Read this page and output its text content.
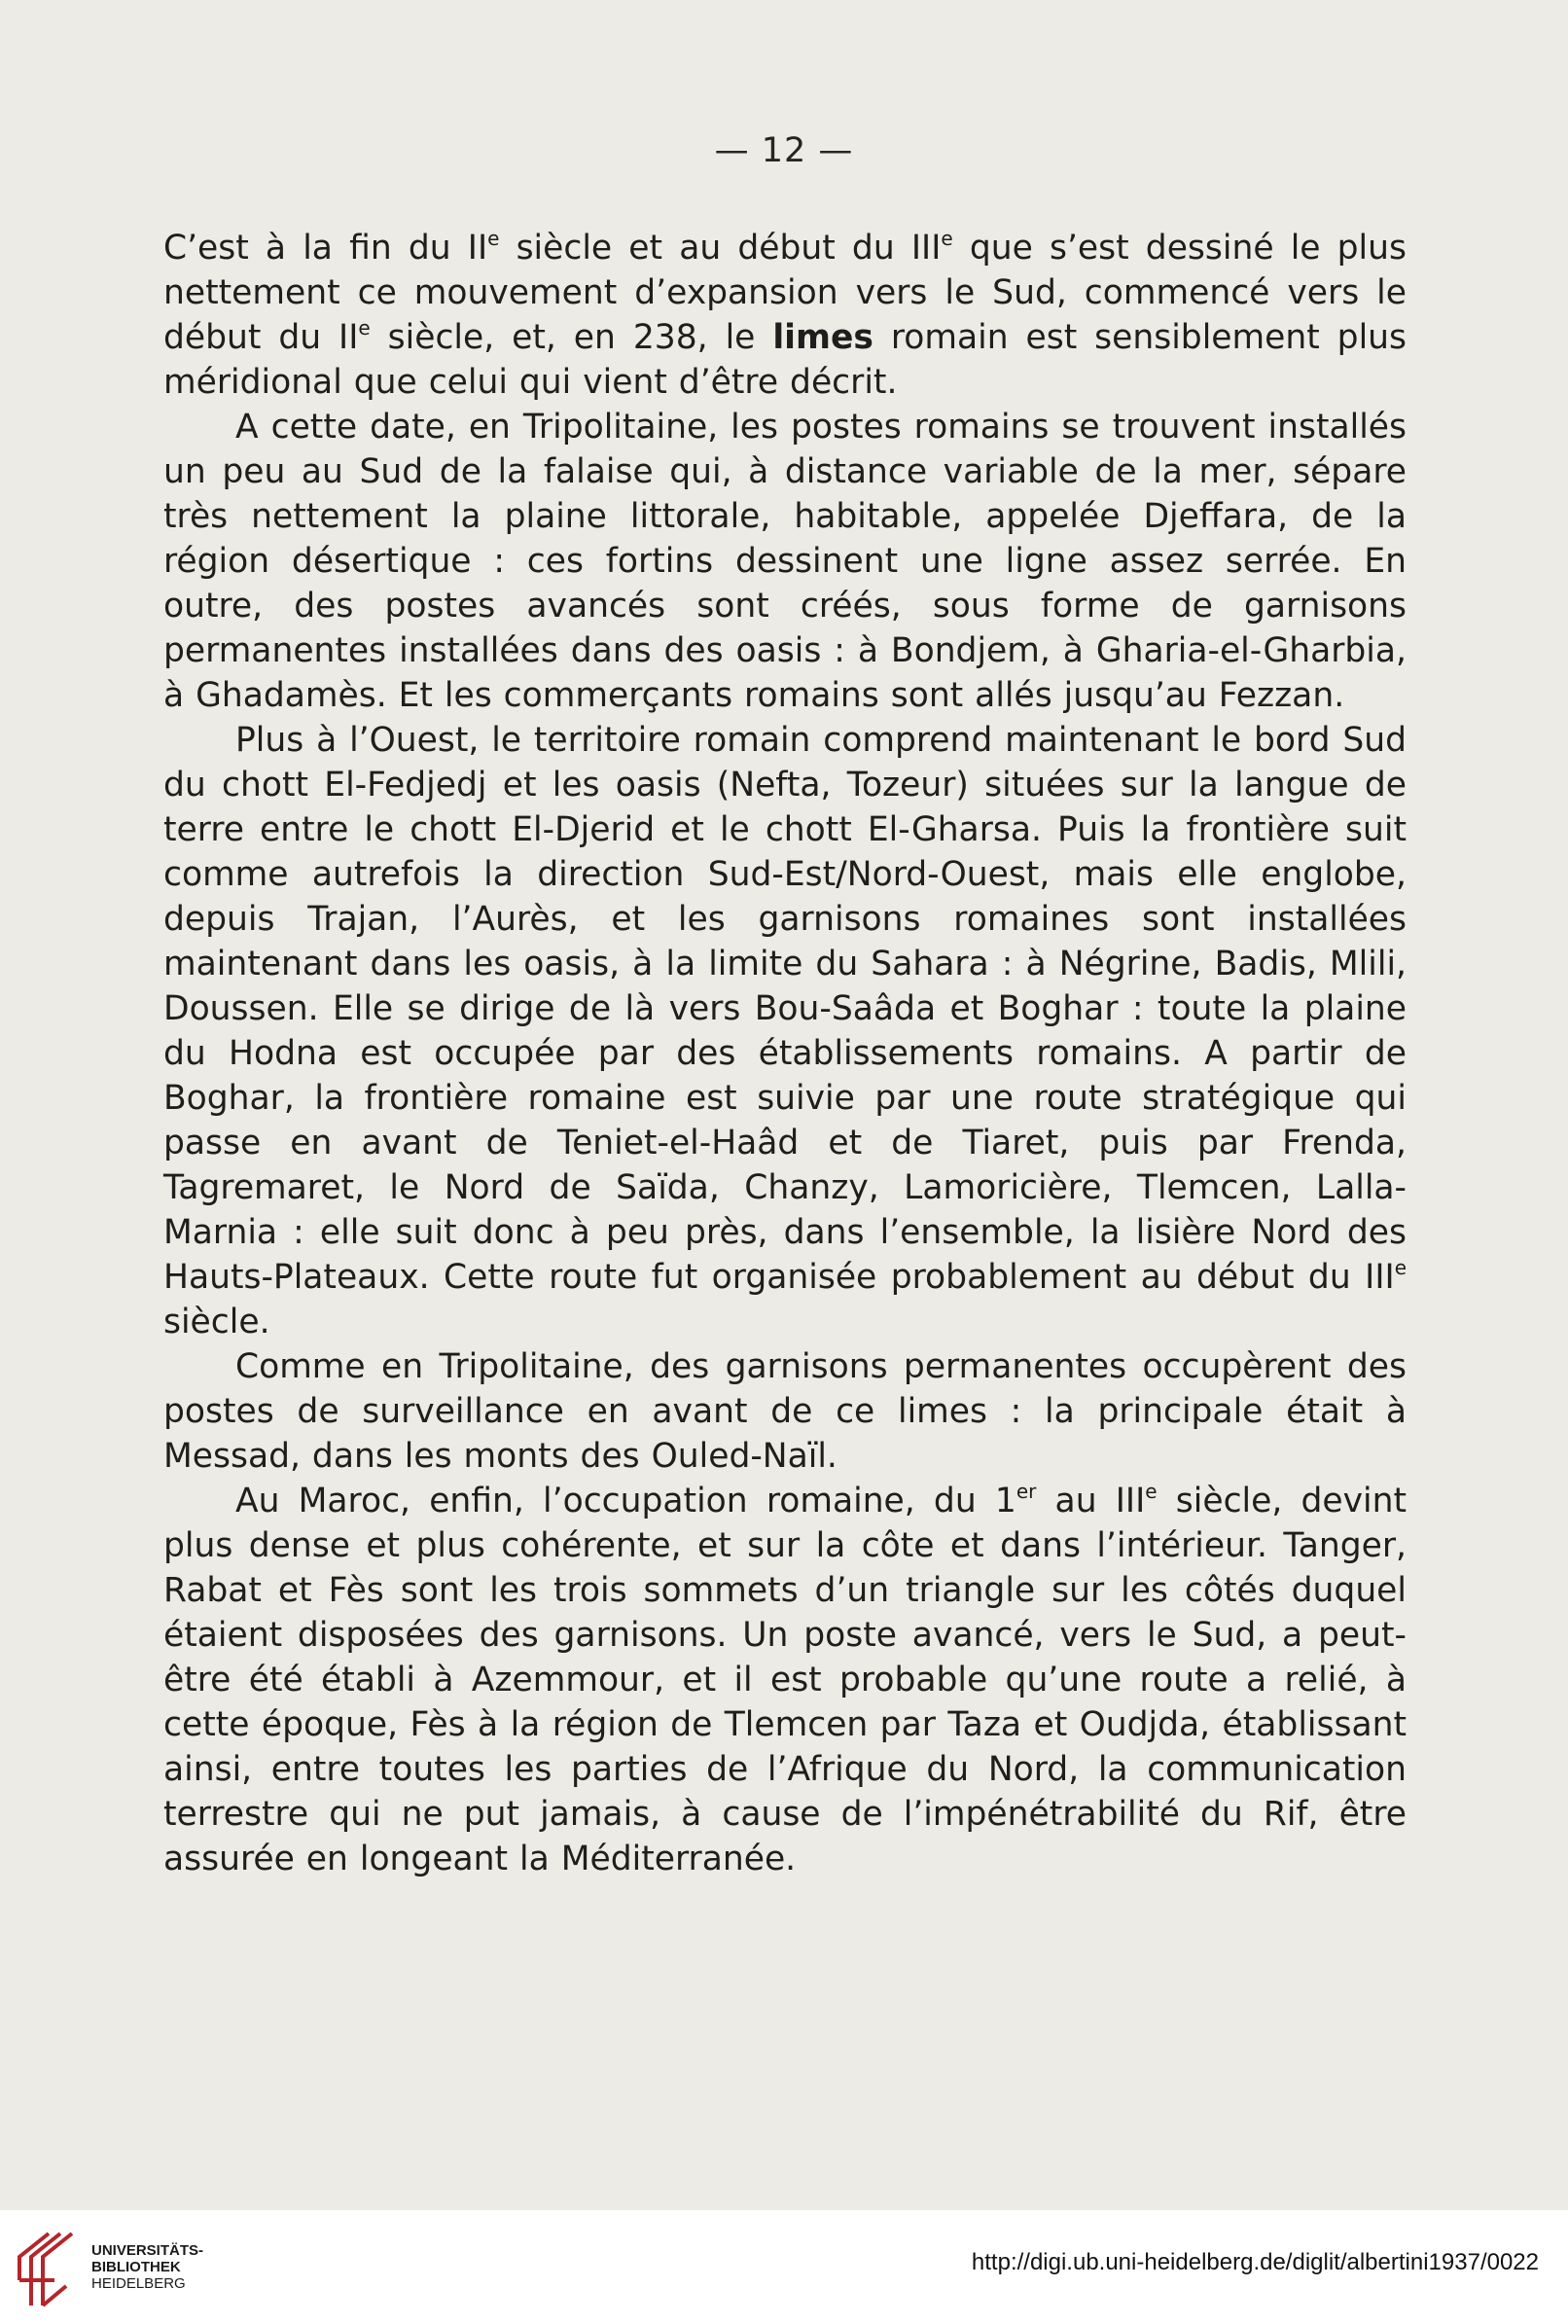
— 12 —

C’est à la fin du IIe siècle et au début du IIIe que s’est dessiné le plus nettement ce mouvement d’expansion vers le Sud, commencé vers le début du IIe siècle, et, en 238, le limes romain est sensiblement plus méridional que celui qui vient d’être décrit.

A cette date, en Tripolitaine, les postes romains se trouvent installés un peu au Sud de la falaise qui, à distance variable de la mer, sépare très nettement la plaine littorale, habitable, appelée Djeffara, de la région désertique : ces fortins dessinent une ligne assez serrée. En outre, des postes avancés sont créés, sous forme de garnisons permanentes installées dans des oasis : à Bondjem, à Gharia-el-Gharbia, à Ghadamès. Et les commerçants romains sont allés jusqu’au Fezzan.

Plus à l’Ouest, le territoire romain comprend maintenant le bord Sud du chott El-Fedjedj et les oasis (Nefta, Tozeur) situées sur la langue de terre entre le chott El-Djerid et le chott El-Gharsa. Puis la frontière suit comme autrefois la direction Sud-Est/Nord-Ouest, mais elle englobe, depuis Trajan, l’Aurès, et les garnisons romaines sont installées maintenant dans les oasis, à la limite du Sahara : à Négrine, Badis, Mlili, Doussen. Elle se dirige de là vers Bou-Saâda et Boghar : toute la plaine du Hodna est occupée par des établissements romains. A partir de Boghar, la frontière romaine est suivie par une route stratégique qui passe en avant de Teniet-el-Haâd et de Tiaret, puis par Frenda, Tagremaret, le Nord de Saïda, Chanzy, Lamoricière, Tlemcen, Lalla-Marnia : elle suit donc à peu près, dans l’ensemble, la lisière Nord des Hauts-Plateaux. Cette route fut organisée probablement au début du IIIe siècle.

Comme en Tripolitaine, des garnisons permanentes occupèrent des postes de surveillance en avant de ce limes : la principale était à Messad, dans les monts des Ouled-Naïl.

Au Maroc, enfin, l’occupation romaine, du 1er au IIIe siècle, devint plus dense et plus cohérente, et sur la côte et dans l’intérieur. Tanger, Rabat et Fès sont les trois sommets d’un triangle sur les côtés duquel étaient disposées des garnisons. Un poste avancé, vers le Sud, a peut-être été établi à Azemmour, et il est probable qu’une route a relié, à cette époque, Fès à la région de Tlemcen par Taza et Oudjda, établissant ainsi, entre toutes les parties de l’Afrique du Nord, la communication terrestre qui ne put jamais, à cause de l’impénétrabilité du Rif, être assurée en longeant la Méditerranée.

UNIVERSITÄTS-
BIBLIOTHEK
HEIDELBERG
http://digi.ub.uni-heidelberg.de/diglit/albertini1937/0022
